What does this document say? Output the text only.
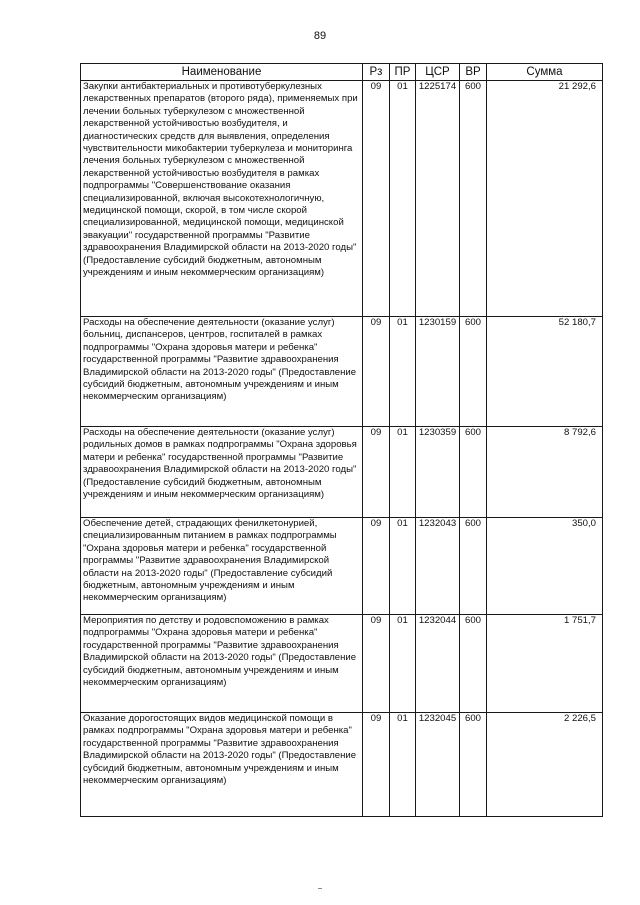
89
Наименование	Рз	ПР	ЦСР	ВР	Сумма
Закупки антибактериальных и противотуберкулезных лекарственных препаратов (второго ряда), применяемых при лечении больных туберкулезом с множественной лекарственной устойчивостью возбудителя, и диагностических средств для выявления, определения чувствительности микобактерии туберкулеза и мониторинга лечения больных туберкулезом с множественной лекарственной устойчивостью возбудителя в рамках подпрограммы "Совершенствование оказания специализированной, включая высокотехнологичную, медицинской помощи, скорой, в том числе скорой специализированной, медицинской помощи, медицинской эвакуации" государственной программы "Развитие здравоохранения Владимирской области на 2013-2020 годы" (Предоставление субсидий бюджетным, автономным учреждениям и иным некоммерческим организациям)	09	01	1225174	600	21 292,6
Расходы на обеспечение деятельности (оказание услуг) больниц, диспансеров, центров, госпиталей в рамках подпрограммы "Охрана здоровья матери и ребенка" государственной программы "Развитие здравоохранения Владимирской области на 2013-2020 годы" (Предоставление субсидий бюджетным, автономным учреждениям и иным некоммерческим организациям)	09	01	1230159	600	52 180,7
Расходы на обеспечение деятельности (оказание услуг) родильных домов в рамках подпрограммы "Охрана здоровья матери и ребенка" государственной программы "Развитие здравоохранения Владимирской области на 2013-2020 годы" (Предоставление субсидий бюджетным, автономным учреждениям и иным некоммерческим организациям)	09	01	1230359	600	8 792,6
Обеспечение детей, страдающих фенилкетонурией, специализированным питанием в рамках подпрограммы "Охрана здоровья матери и ребенка" государственной программы "Развитие здравоохранения Владимирской области на 2013-2020 годы" (Предоставление субсидий бюджетным, автономным учреждениям и иным некоммерческим организациям)	09	01	1232043	600	350,0
Мероприятия по детству и родовспоможению в рамках подпрограммы "Охрана здоровья матери и ребенка" государственной программы "Развитие здравоохранения Владимирской области на 2013-2020 годы" (Предоставление субсидий бюджетным, автономным учреждениям и иным некоммерческим организациям)	09	01	1232044	600	1 751,7
Оказание дорогостоящих видов медицинской помощи в рамках подпрограммы "Охрана здоровья матери и ребенка" государственной программы "Развитие здравоохранения Владимирской области на 2013-2020 годы" (Предоставление субсидий бюджетным, автономным учреждениям и иным некоммерческим организациям)	09	01	1232045	600	2 226,5
